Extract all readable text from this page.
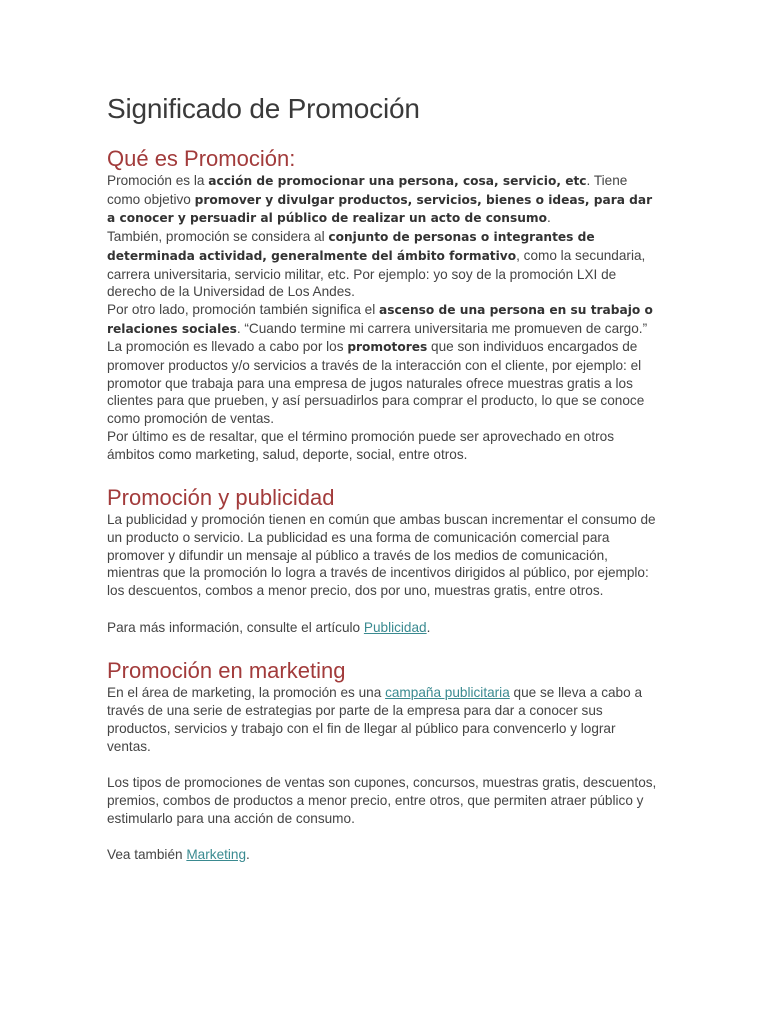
Significado de Promoción
Qué es Promoción:

Promoción es la acción de promocionar una persona, cosa, servicio, etc. Tiene como objetivo promover y divulgar productos, servicios, bienes o ideas, para dar a conocer y persuadir al público de realizar un acto de consumo.

También, promoción se considera al conjunto de personas o integrantes de determinada actividad, generalmente del ámbito formativo, como la secundaria, carrera universitaria, servicio militar, etc. Por ejemplo: yo soy de la promoción LXI de derecho de la Universidad de Los Andes.

Por otro lado, promoción también significa el ascenso de una persona en su trabajo o relaciones sociales. “Cuando termine mi carrera universitaria me promueven de cargo.”

La promoción es llevado a cabo por los promotores que son individuos encargados de promover productos y/o servicios a través de la interacción con el cliente, por ejemplo: el promotor que trabaja para una empresa de jugos naturales ofrece muestras gratis a los clientes para que prueben, y así persuadirlos para comprar el producto, lo que se conoce como promoción de ventas.

Por último es de resaltar, que el término promoción puede ser aprovechado en otros ámbitos como marketing, salud, deporte, social, entre otros.

Promoción y publicidad

La publicidad y promoción tienen en común que ambas buscan incrementar el consumo de un producto o servicio. La publicidad es una forma de comunicación comercial para promover y difundir un mensaje al público a través de los medios de comunicación, mientras que la promoción lo logra a través de incentivos dirigidos al público, por ejemplo: los descuentos, combos a menor precio, dos por uno, muestras gratis, entre otros.

Para más información, consulte el artículo Publicidad.

Promoción en marketing

En el área de marketing, la promoción es una campaña publicitaria que se lleva a cabo a través de una serie de estrategias por parte de la empresa para dar a conocer sus productos, servicios y trabajo con el fin de llegar al público para convencerlo y lograr ventas.

Los tipos de promociones de ventas son cupones, concursos, muestras gratis, descuentos, premios, combos de productos a menor precio, entre otros, que permiten atraer público y estimularlo para una acción de consumo.

Vea también Marketing.
